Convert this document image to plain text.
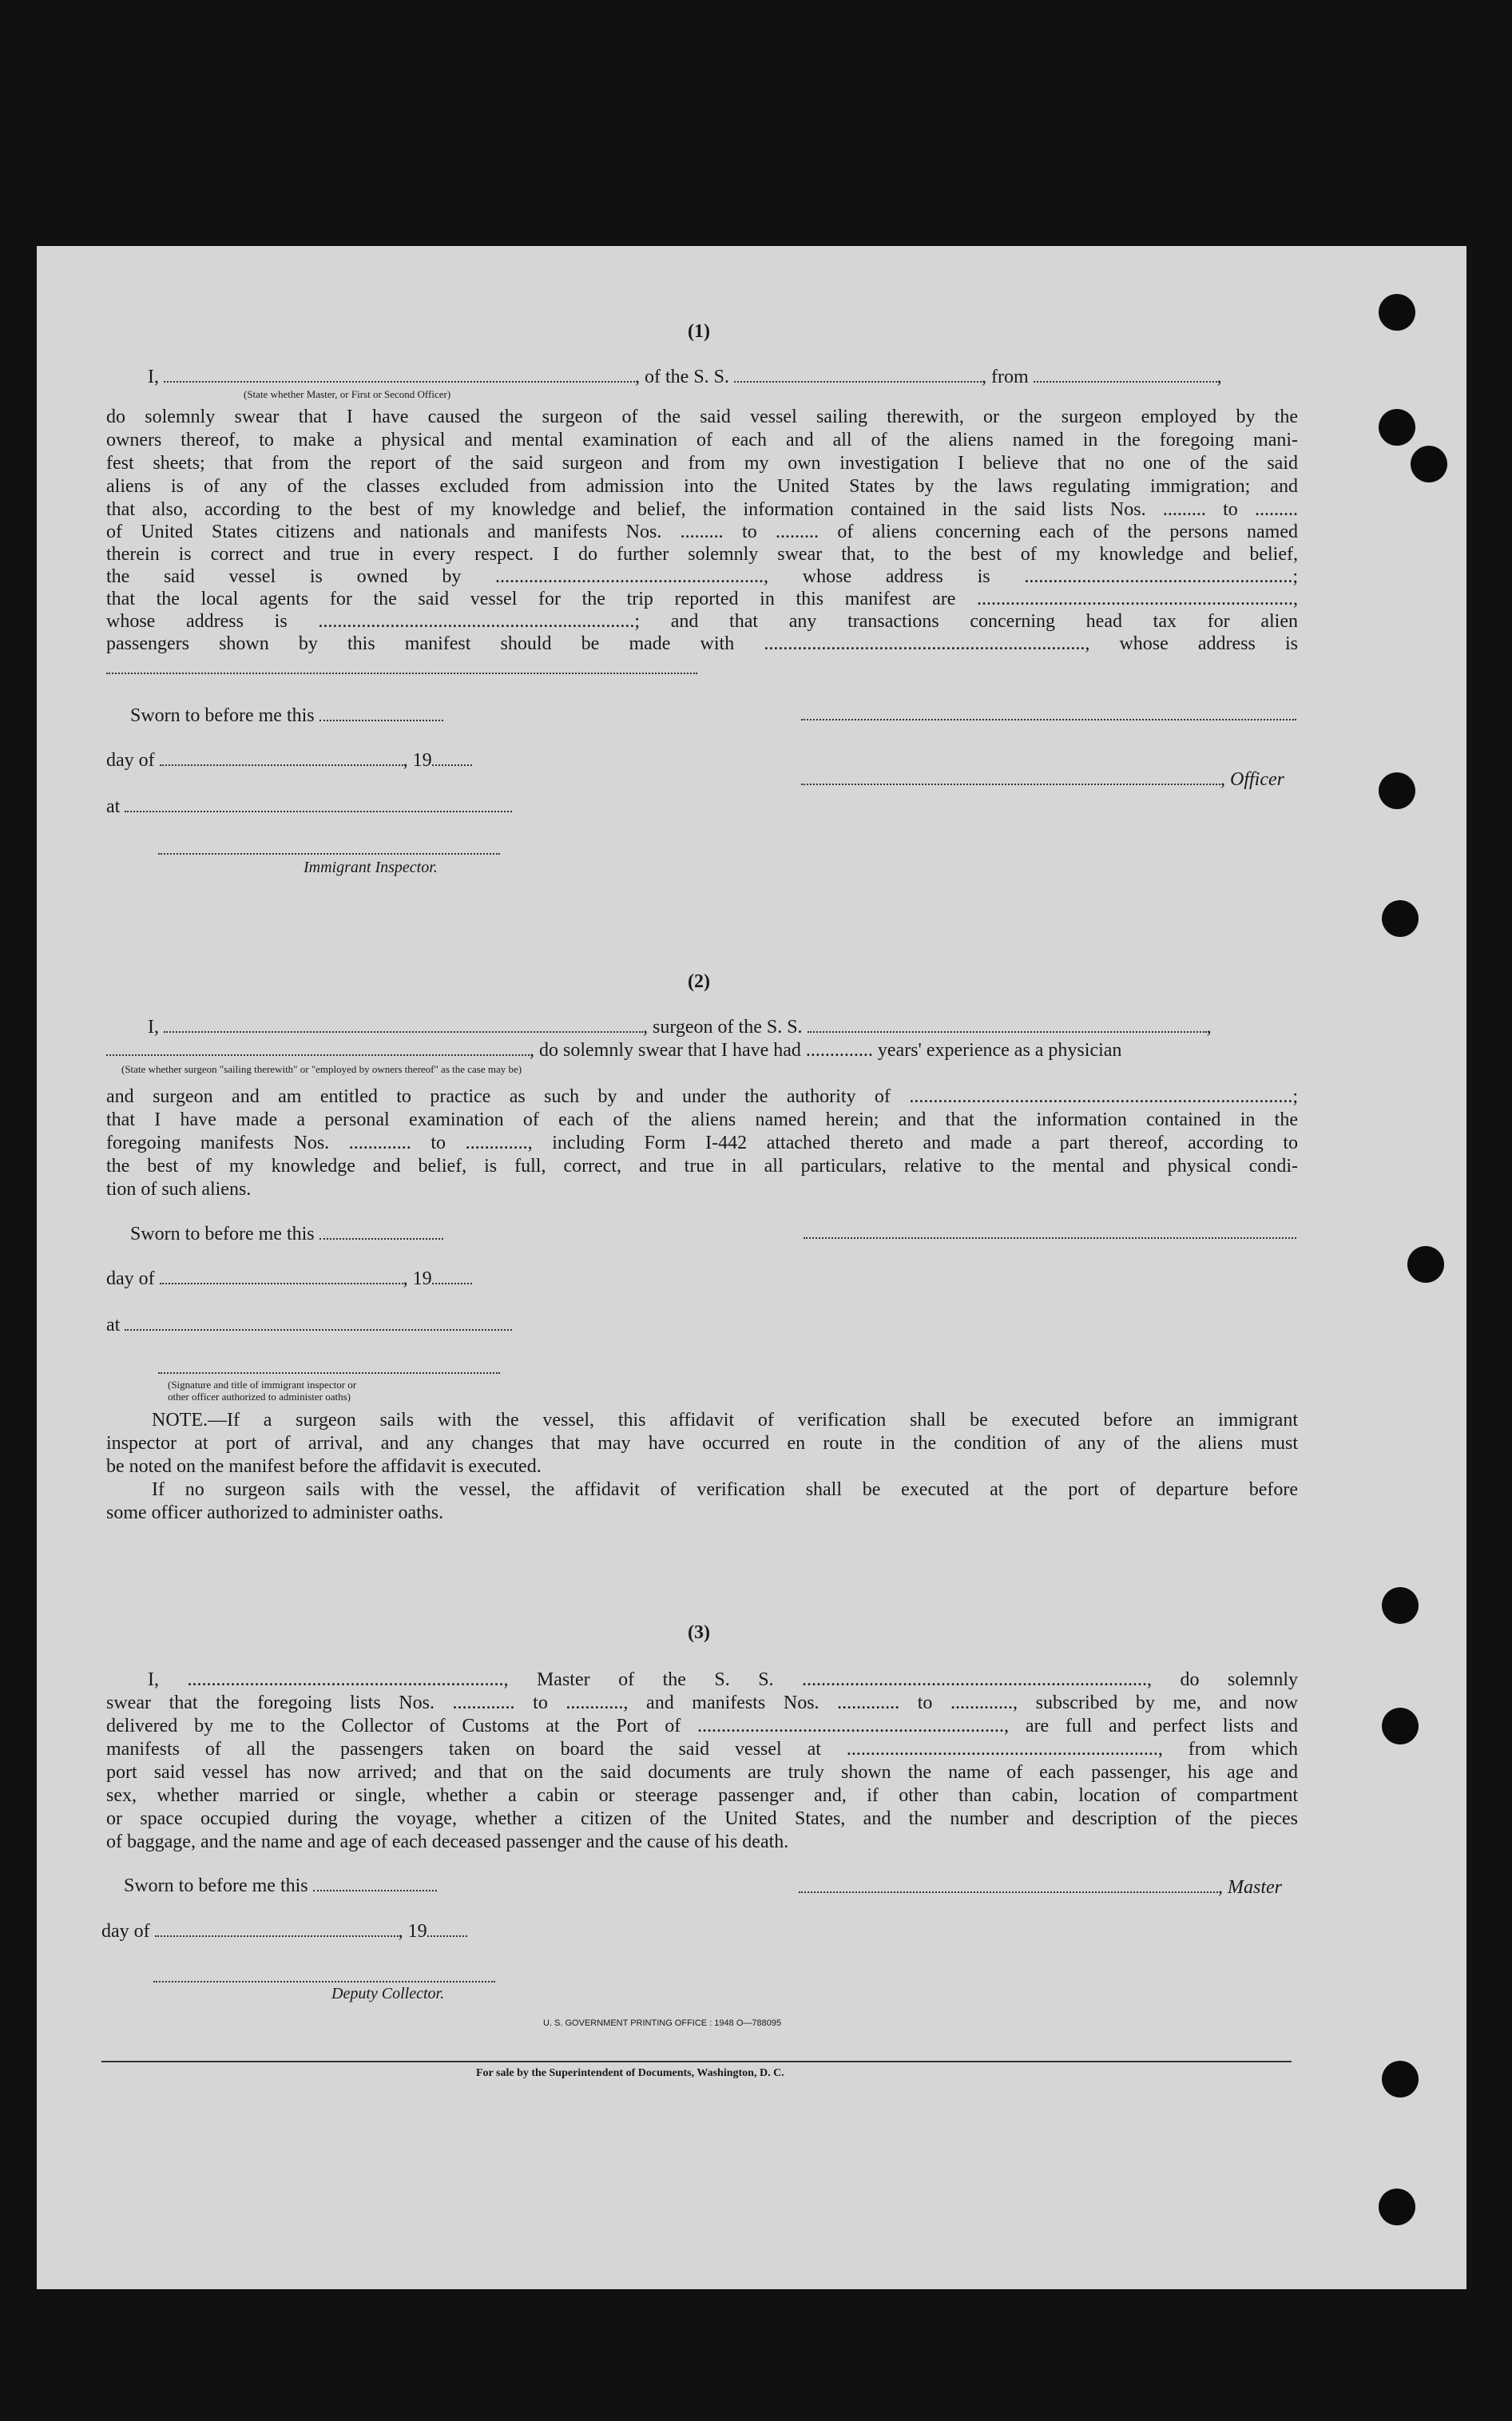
(1)
I,	, of the S. S.	, from	,
(State whether Master, or First or Second Officer)
do solemnly swear that I have caused the surgeon of the said vessel sailing therewith, or the surgeon employed by the
owners thereof, to make a physical and mental examination of each and all of the aliens named in the foregoing mani-
fest sheets; that from the report of the said surgeon and from my own investigation I believe that no one of the said
aliens is of any of the classes excluded from admission into the United States by the laws regulating immigration; and
that also, according to the best of my knowledge and belief, the information contained in the said lists Nos. ......... to .........
of United States citizens and nationals and manifests Nos. ......... to ......... of aliens concerning each of the persons named
therein is correct and true in every respect. I do further solemnly swear that, to the best of my knowledge and belief,
the said vessel is owned by ........................................................, whose address is ........................................................;
that the local agents for the said vessel for the trip reported in this manifest are ..................................................................,
whose address is ..................................................................; and that any transactions concerning head tax for alien
passengers shown by this manifest should be made with ..................................................................., whose address is
Sworn to before me this
day of	, 19
, Officer
at
Immigrant Inspector.
(2)
I,	, surgeon of the S. S.	,
, do solemnly swear that I have had .............. years' experience as a physician
(State whether surgeon "sailing therewith" or "employed by owners thereof" as the case may be)
and surgeon and am entitled to practice as such by and under the authority of ................................................................................;
that I have made a personal examination of each of the aliens named herein; and that the information contained in the
foregoing manifests Nos. ............. to ............., including Form I-442 attached thereto and made a part thereof, according to
the best of my knowledge and belief, is full, correct, and true in all particulars, relative to the mental and physical condi-
tion of such aliens.
Sworn to before me this
day of	, 19
at
(Signature and title of immigrant inspector or
other officer authorized to administer oaths)
NOTE.—If a surgeon sails with the vessel, this affidavit of verification shall be executed before an immigrant
inspector at port of arrival, and any changes that may have occurred en route in the condition of any of the aliens must
be noted on the manifest before the affidavit is executed.
If no surgeon sails with the vessel, the affidavit of verification shall be executed at the port of departure before
some officer authorized to administer oaths.
(3)
I, .................................................................., Master of the S. S. ........................................................................, do solemnly
swear that the foregoing lists Nos. ............. to ............, and manifests Nos. ............. to ............., subscribed by me, and now
delivered by me to the Collector of Customs at the Port of ................................................................, are full and perfect lists and
manifests of all the passengers taken on board the said vessel at ................................................................., from which
port said vessel has now arrived; and that on the said documents are truly shown the name of each passenger, his age and
sex, whether married or single, whether a cabin or steerage passenger and, if other than cabin, location of compartment
or space occupied during the voyage, whether a citizen of the United States, and the number and description of the pieces
of baggage, and the name and age of each deceased passenger and the cause of his death.
Sworn to before me this	, Master
day of	, 19
Deputy Collector.
U. S. GOVERNMENT PRINTING OFFICE : 1948 O—788095
For sale by the Superintendent of Documents, Washington, D. C.
